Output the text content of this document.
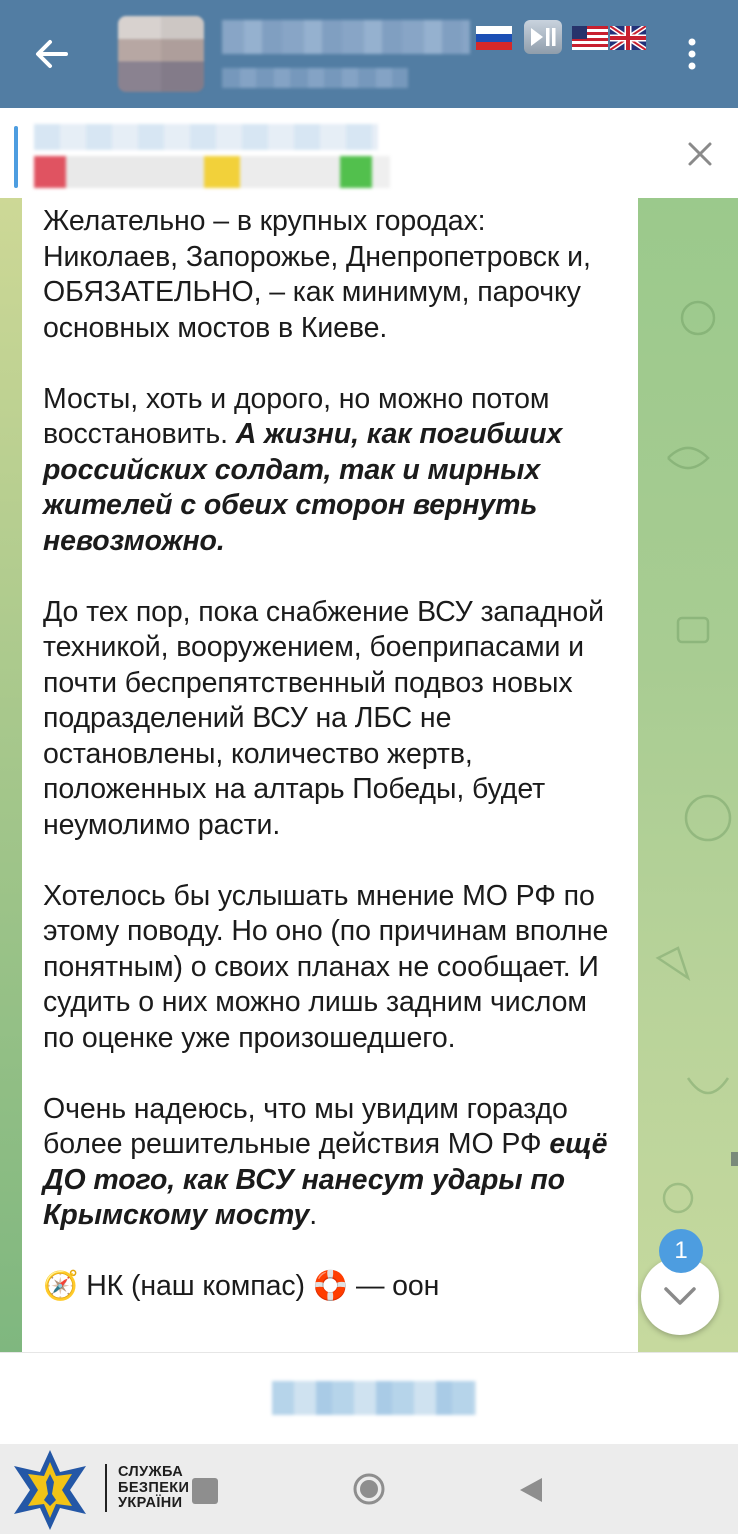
Желательно – в крупных городах: Николаев, Запорожье, Днепропетровск и, ОБЯЗАТЕЛЬНО, – как минимум, парочку основных мостов в Киеве.

Мосты, хоть и дорого, но можно потом восстановить. А жизни, как погибших российских солдат, так и мирных жителей с обеих сторон вернуть невозможно.

До тех пор, пока снабжение ВСУ западной техникой, вооружением, боеприпасами и почти беспрепятственный подвоз новых подразделений ВСУ на ЛБС не остановлены, количество жертв, положенных на алтарь Победы, будет неумолимо расти.

Хотелось бы услышать мнение МО РФ по этому поводу. Но оно (по причинам вполне понятным) о своих планах не сообщает. И судить о них можно лишь задним числом по оценке уже произошедшего.

Очень надеюсь, что мы увидим гораздо более решительные действия МО РФ ещё ДО того, как ВСУ нанесут удары по Крымскому мосту.

🧭 НК (наш компас) 🛟 — оон

1
СЛУЖБА
БЕЗПЕКИ
УКРАЇНИ
